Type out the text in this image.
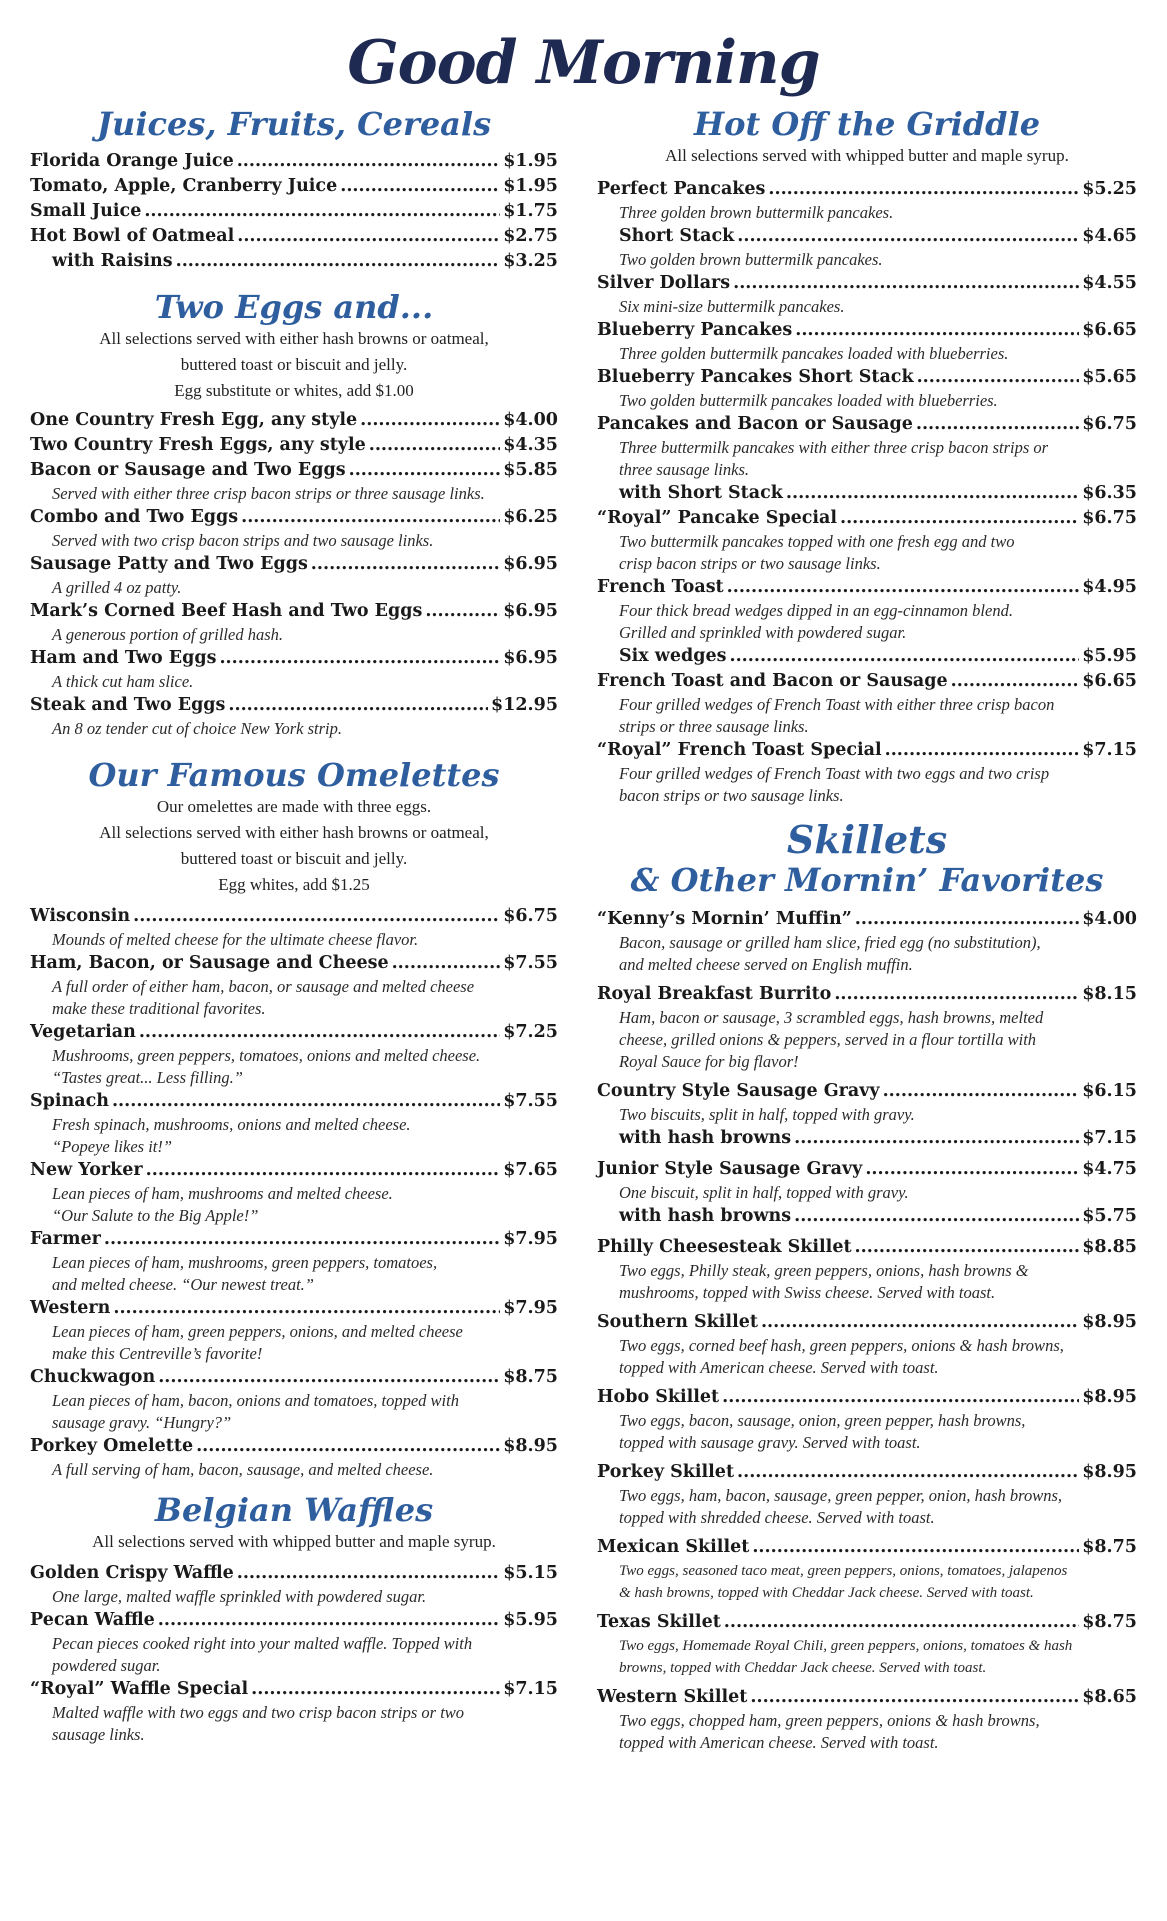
Good Morning
Juices, Fruits, Cereals
Florida Orange Juice .....	$1.95
Tomato, Apple, Cranberry Juice .....	$1.95
Small Juice .....	$1.75
Hot Bowl of Oatmeal .....	$2.75
with Raisins .....	$3.25
Two Eggs and...
All selections served with either hash browns or oatmeal,
buttered toast or biscuit and jelly.
Egg substitute or whites, add $1.00
One Country Fresh Egg, any style .....	$4.00
Two Country Fresh Eggs, any style .....	$4.35
Bacon or Sausage and Two Eggs .....	$5.85
Served with either three crisp bacon strips or three sausage links.
Combo and Two Eggs .....	$6.25
Served with two crisp bacon strips and two sausage links.
Sausage Patty and Two Eggs .....	$6.95
A grilled 4 oz patty.
Mark’s Corned Beef Hash and Two Eggs .....	$6.95
A generous portion of grilled hash.
Ham and Two Eggs .....	$6.95
A thick cut ham slice.
Steak and Two Eggs .....	$12.95
An 8 oz tender cut of choice New York strip.
Our Famous Omelettes
Our omelettes are made with three eggs.
All selections served with either hash browns or oatmeal,
buttered toast or biscuit and jelly.
Egg whites, add $1.25
Wisconsin .....	$6.75
Mounds of melted cheese for the ultimate cheese flavor.
Ham, Bacon, or Sausage and Cheese .....	$7.55
A full order of either ham, bacon, or sausage and melted cheese
make these traditional favorites.
Vegetarian .....	$7.25
Mushrooms, green peppers, tomatoes, onions and melted cheese.
“Tastes great... Less filling.”
Spinach .....	$7.55
Fresh spinach, mushrooms, onions and melted cheese.
“Popeye likes it!”
New Yorker .....	$7.65
Lean pieces of ham, mushrooms and melted cheese.
“Our Salute to the Big Apple!”
Farmer .....	$7.95
Lean pieces of ham, mushrooms, green peppers, tomatoes,
and melted cheese. “Our newest treat.”
Western .....	$7.95
Lean pieces of ham, green peppers, onions, and melted cheese
make this Centreville’s favorite!
Chuckwagon .....	$8.75
Lean pieces of ham, bacon, onions and tomatoes, topped with
sausage gravy. “Hungry?”
Porkey Omelette .....	$8.95
A full serving of ham, bacon, sausage, and melted cheese.
Belgian Waffles
All selections served with whipped butter and maple syrup.
Golden Crispy Waffle .....	$5.15
One large, malted waffle sprinkled with powdered sugar.
Pecan Waffle .....	$5.95
Pecan pieces cooked right into your malted waffle. Topped with
powdered sugar.
“Royal” Waffle Special .....	$7.15
Malted waffle with two eggs and two crisp bacon strips or two
sausage links.
Hot Off the Griddle
All selections served with whipped butter and maple syrup.
Perfect Pancakes .....	$5.25
Three golden brown buttermilk pancakes.
Short Stack .....	$4.65
Two golden brown buttermilk pancakes.
Silver Dollars .....	$4.55
Six mini-size buttermilk pancakes.
Blueberry Pancakes .....	$6.65
Three golden buttermilk pancakes loaded with blueberries.
Blueberry Pancakes Short Stack .....	$5.65
Two golden buttermilk pancakes loaded with blueberries.
Pancakes and Bacon or Sausage .....	$6.75
Three buttermilk pancakes with either three crisp bacon strips or
three sausage links.
with Short Stack .....	$6.35
“Royal” Pancake Special .....	$6.75
Two buttermilk pancakes topped with one fresh egg and two
crisp bacon strips or two sausage links.
French Toast .....	$4.95
Four thick bread wedges dipped in an egg-cinnamon blend.
Grilled and sprinkled with powdered sugar.
Six wedges .....	$5.95
French Toast and Bacon or Sausage .....	$6.65
Four grilled wedges of French Toast with either three crisp bacon
strips or three sausage links.
“Royal” French Toast Special .....	$7.15
Four grilled wedges of French Toast with two eggs and two crisp
bacon strips or two sausage links.
Skillets
& Other Mornin’ Favorites
“Kenny’s Mornin’ Muffin” .....	$4.00
Bacon, sausage or grilled ham slice, fried egg (no substitution),
and melted cheese served on English muffin.
Royal Breakfast Burrito .....	$8.15
Ham, bacon or sausage, 3 scrambled eggs, hash browns, melted
cheese, grilled onions & peppers, served in a flour tortilla with
Royal Sauce for big flavor!
Country Style Sausage Gravy .....	$6.15
Two biscuits, split in half, topped with gravy.
with hash browns .....	$7.15
Junior Style Sausage Gravy .....	$4.75
One biscuit, split in half, topped with gravy.
with hash browns .....	$5.75
Philly Cheesesteak Skillet .....	$8.85
Two eggs, Philly steak, green peppers, onions, hash browns &
mushrooms, topped with Swiss cheese. Served with toast.
Southern Skillet .....	$8.95
Two eggs, corned beef hash, green peppers, onions & hash browns,
topped with American cheese. Served with toast.
Hobo Skillet .....	$8.95
Two eggs, bacon, sausage, onion, green pepper, hash browns,
topped with sausage gravy. Served with toast.
Porkey Skillet .....	$8.95
Two eggs, ham, bacon, sausage, green pepper, onion, hash browns,
topped with shredded cheese. Served with toast.
Mexican Skillet .....	$8.75
Two eggs, seasoned taco meat, green peppers, onions, tomatoes, jalapenos
& hash browns, topped with Cheddar Jack cheese. Served with toast.
Texas Skillet .....	$8.75
Two eggs, Homemade Royal Chili, green peppers, onions, tomatoes & hash
browns, topped with Cheddar Jack cheese. Served with toast.
Western Skillet .....	$8.65
Two eggs, chopped ham, green peppers, onions & hash browns,
topped with American cheese. Served with toast.
